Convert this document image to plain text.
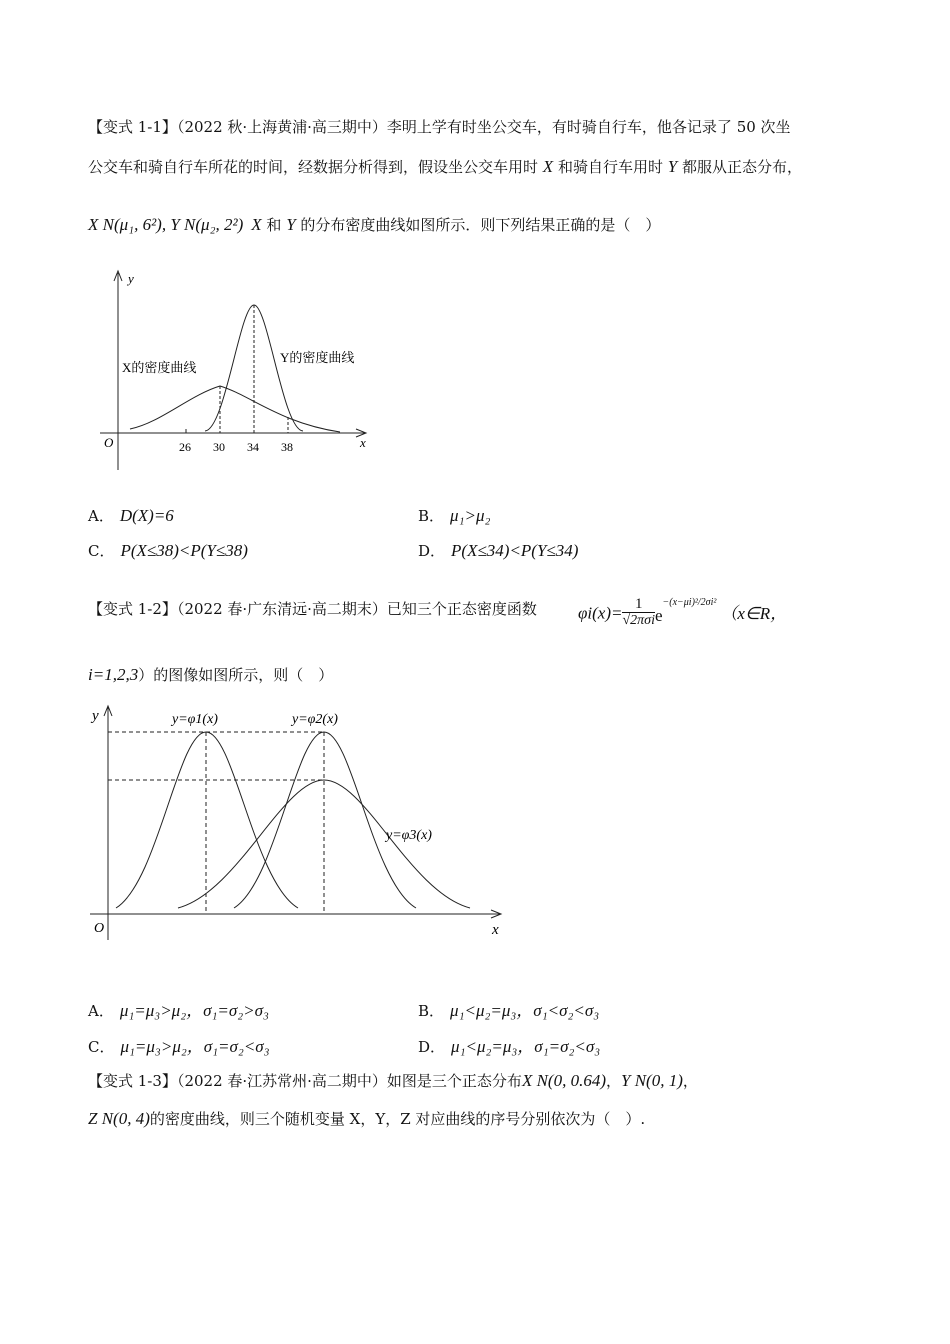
【变式 1-1】（2022 秋·上海黄浦·高三期中）李明上学有时坐公交车，有时骑自行车，他各记录了 50 次坐
公交车和骑自行车所花的时间，经数据分析得到，假设坐公交车用时 X 和骑自行车用时 Y 都服从正态分布，
X N(μ₁, 6²), Y N(μ₂, 2²) X 和 Y 的分布密度曲线如图所示．则下列结果正确的是（　）
y
x
O	26 30 34 38
X的密度曲线
Y的密度曲线
A． D(X)=6	B． μ₁>μ₂
C． P(X≤38)<P(Y≤38)	D． P(X≤34)<P(Y≤34)
【变式 1-2】（2022 春·广东清远·高二期末）已知三个正态密度函数 $\varphi i(x)= \frac{1}{\text{√2πσi}}$ $e^{-(x-\mu i)^2/2\sigma i^2}(x\in R$，
i=1,2,3）的图像如图所示，则（　）
y
x
O
y=φ1(x)	y=φ2(x)
y=φ3(x)
A． μ₁=μ₃>μ₂，σ₁=σ₂>σ₃	B． μ₁<μ₂=μ₃，σ₁<σ₂<σ₃
C． μ₁=μ₃>μ₂，σ₁=σ₂<σ₃	D． μ₁<μ₂=μ₃，σ₁=σ₂<σ₃
【变式 1-3】（2022 春·江苏常州·高二期中）如图是三个正态分布X N(0, 0.64)，Y N(0, 1)，
Z N(0, 4)的密度曲线，则三个随机变量 X，Y，Z 对应曲线的序号分别依次为（　）.
